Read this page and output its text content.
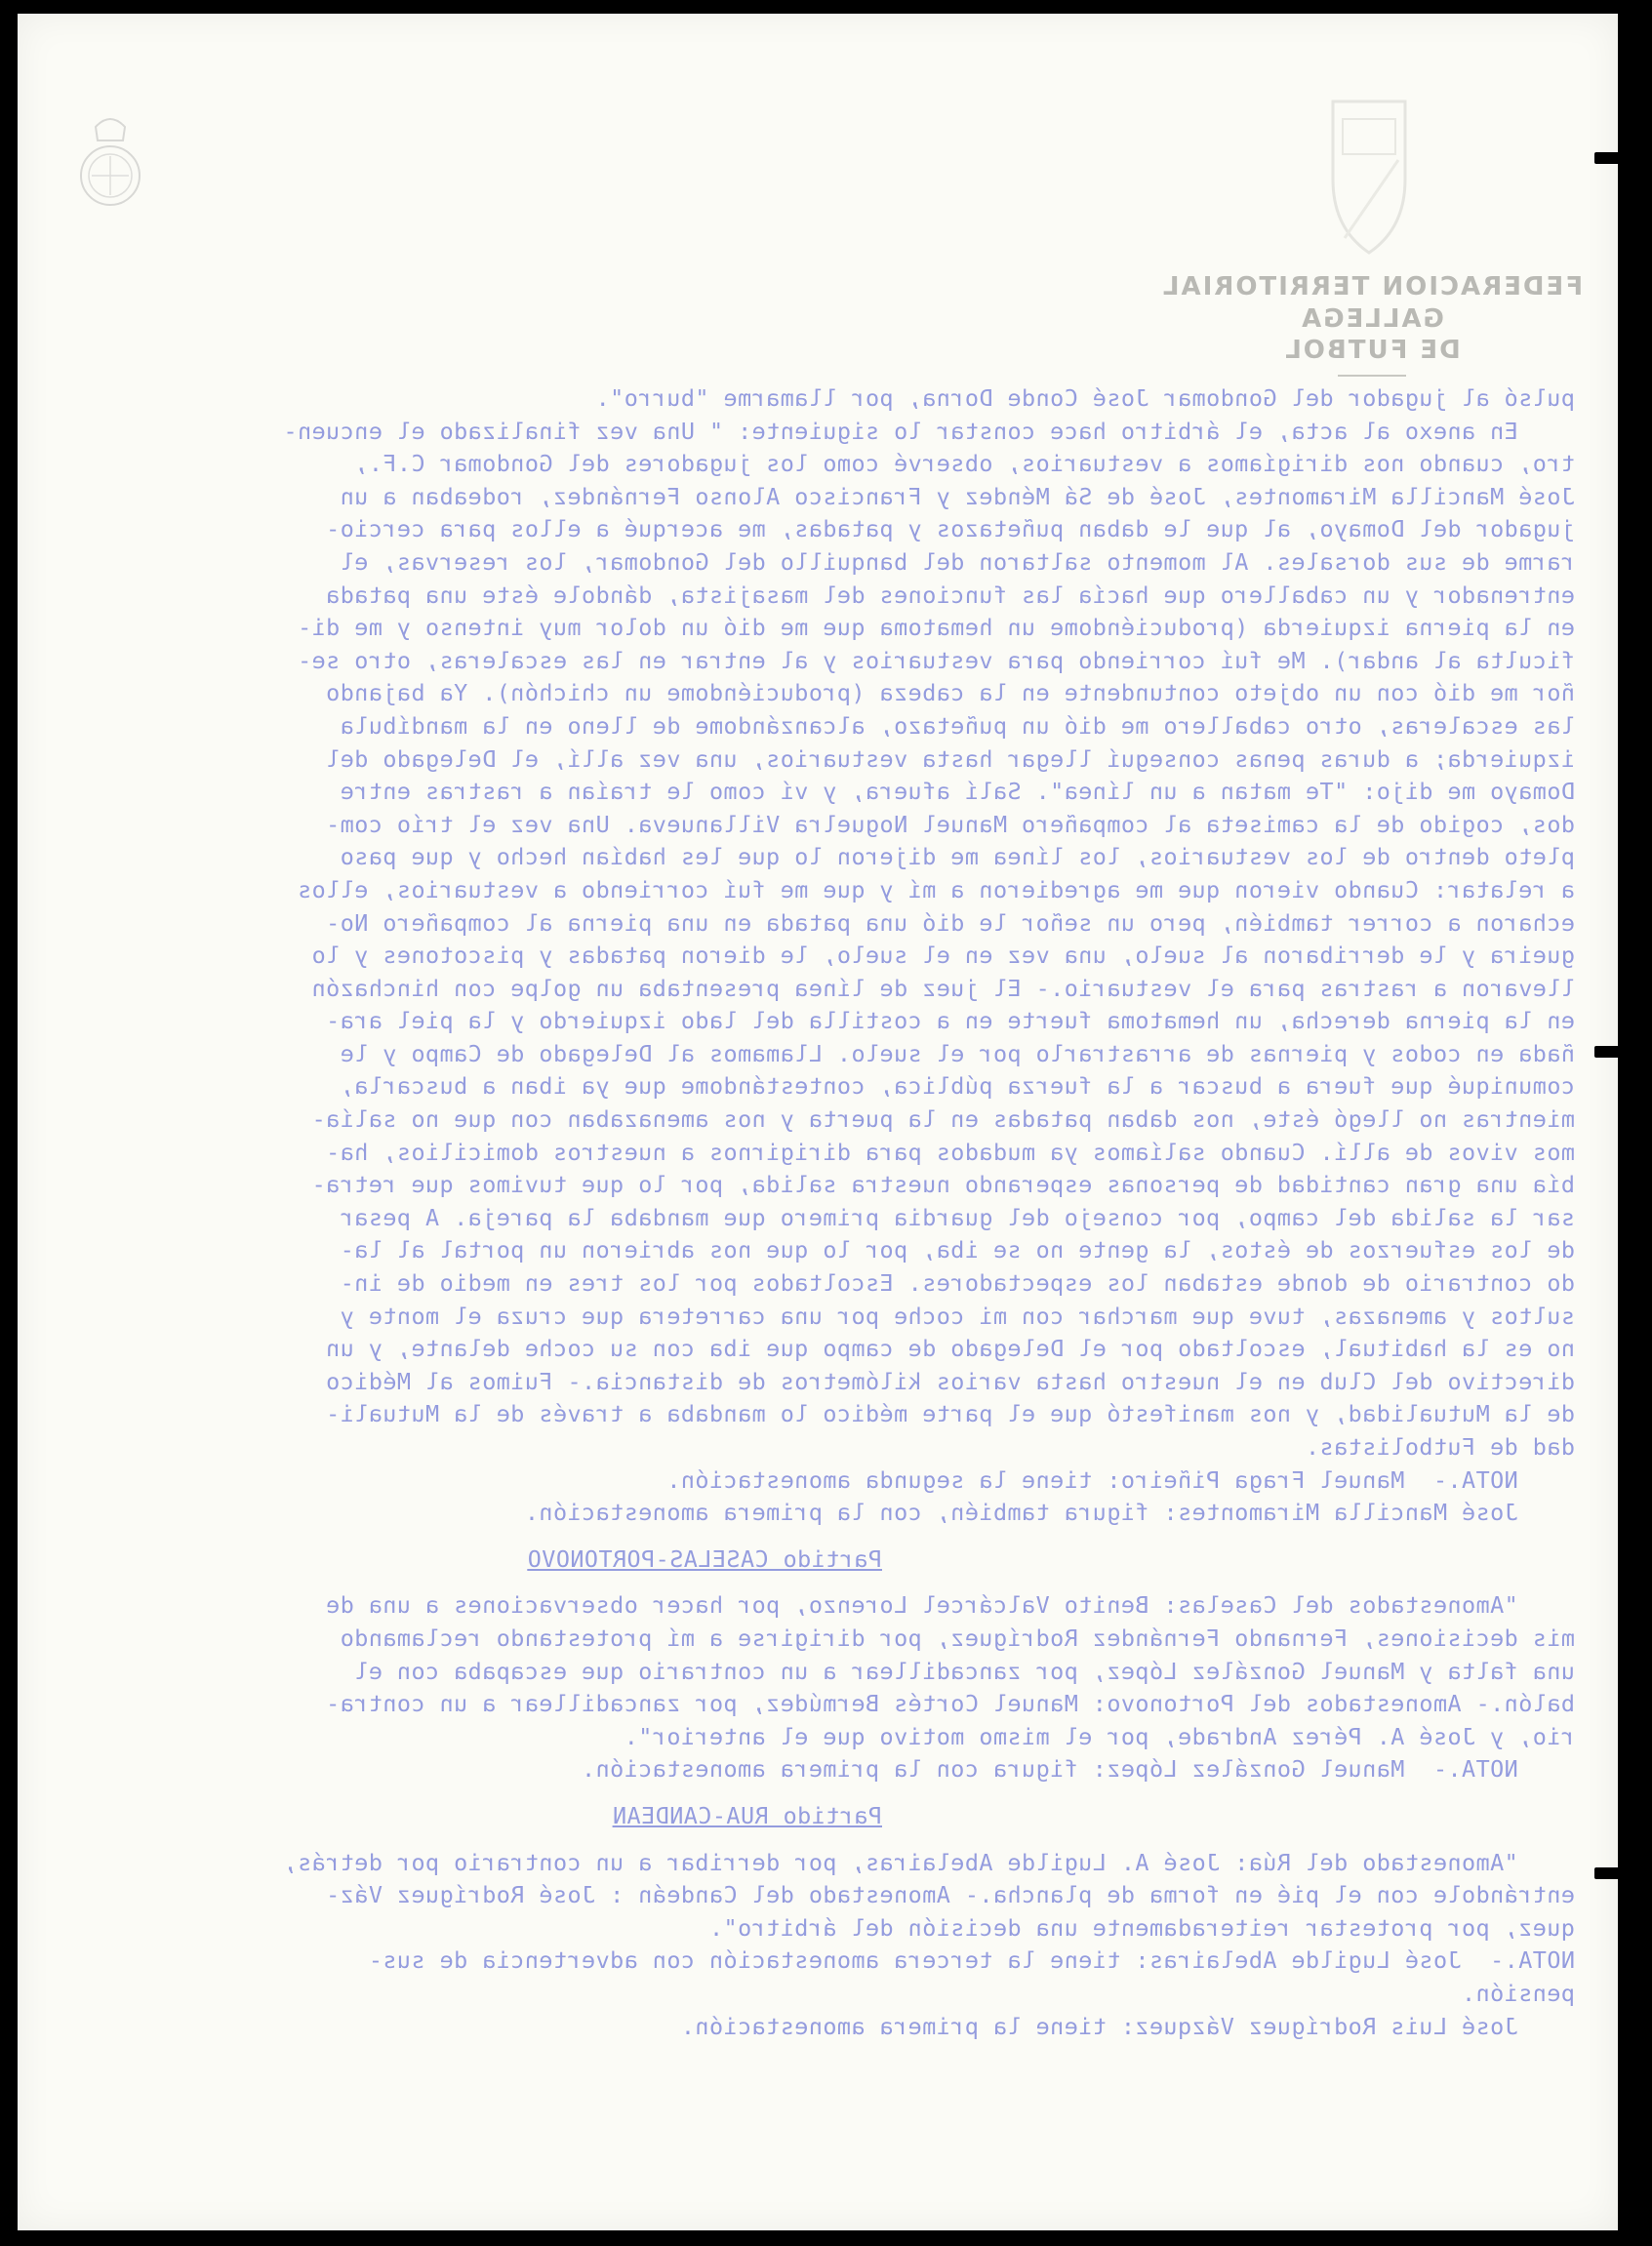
FEDERACION TERRITORIAL GALLEGA
DE FUTBOL
pulsó al jugador del Gondomar José Conde Dorna, por llamarme "burro".
En anexo al acta, el árbitro hace constar lo siguiente: " Una vez finalizado el encuen-
tro, cuando nos dirigíamos a vestuarios, observé como los jugadores del Gondomar C.F.,
José Mancilla Miramontes, José de Sá Méndez y Francisco Alonso Fernández, rodeaban a un
jugador del Domayo, al que le daban puñetazos y patadas, me acerqué a ellos para cercio-
rarme de sus dorsales. Al momento saltaron del banquillo del Gondomar, los reservas, el
entrenador y un caballero que hacía las funciones del masajista, dándole éste una patada
en la pierna izquierda (produciéndome un hematoma que me dió un dolor muy intenso y me di-
ficulta al andar). Me fuí corriendo para vestuarios y al entrar en las escaleras, otro se-
ñor me dió con un objeto contundente en la cabeza (produciéndome un chichón). Ya bajando
las escaleras, otro caballero me dió un puñetazo, alcanzándome de lleno en la mandíbula
izquierda; a duras penas conseguí llegar hasta vestuarios, una vez allí, el Delegado del
Domayo me dijo: "Te matan a un línea". Salí afuera, y ví como le traían a rastras entre
dos, cogido de la camiseta al compañero Manuel Noguelra Villanueva. Una vez el trío com-
pleto dentro de los vestuarios, los línea me dijeron lo que les habían hecho y que paso
a relatar: Cuando vieron que me agredieron a mí y que me fuí corriendo a vestuarios, ellos
echaron a correr también, pero un señor le dió una patada en una pierna al compañero No-
gueira y le derribaron al suelo, una vez en el suelo, le dieron patadas y piscotones y lo
llevaron a rastras para el vestuario.- El juez de línea presentaba un golpe con hinchazón
en la pierna derecha, un hematoma fuerte en a costilla del lado izquierdo y la piel ara-
ñada en codos y piernas de arrastrarlo por el suelo. Llamamos al Delegado de Campo y le
comuniqué que fuera a buscar a la fuerza pública, contestándome que ya iban a buscarla,
mientras no llegó éste, nos daban patadas en la puerta y nos amenazaban con que no salía-
mos vivos de allí. Cuando salíamos ya mudados para dirigirnos a nuestros domicilios, ha-
bía una gran cantidad de personas esperando nuestra salida, por lo que tuvimos que retra-
sar la salida del campo, por consejo del guardia primero que mandaba la pareja. A pesar
de los esfuerzos de éstos, la gente no se iba, por lo que nos abrieron un portal al la-
do contrario de donde estaban los espectadores. Escoltados por los tres en medio de in-
sultos y amenazas, tuve que marchar con mi coche por una carretera que cruza el monte y
no es la habitual, escoltado por el Delegado de campo que iba con su coche delante, y un
directivo del Club en el nuestro hasta varios kilómetros de distancia.- Fuimos al Médico
de la Mutualidad, y nos manifestó que el parte médico lo mandaba a través de la Mutuali-
dad de Futbolistas.
NOTA.-  Manuel Fraga Piñeiro: tiene la segunda amonestación.
José Mancilla Miramontes: figura también, con la primera amonestación.
Partido CASELAS-PORTONOVO
"Amonestados del Caselas: Benito Valcárcel Lorenzo, por hacer observaciones a una de
mis decisiones, Fernando Fernández Rodríguez, por dirigirse a mí protestando reclamando
una falta y Manuel González López, por zancadillear a un contrario que escapaba con el
balón.- Amonestados del Portonovo: Manuel Cortés Bermúdez, por zancadillear a un contra-
rio, y José A. Pérez Andrade, por el mismo motivo que el anterior".
NOTA.-  Manuel González López: figura con la primera amonestación.
Partido RUA-CANDEAN
"Amonestado del Rúa: José A. Lugilde Abelairas, por derribar a un contrario por detrás,
entrándole con el pié en forma de plancha.- Amonestado del Candeán : José Rodríguez Váz-
quez, por protestar reiteradamente una decisión del árbitro".
NOTA.-  José Lugilde Abelairas: tiene la tercera amonestación con advertencia de sus-
pensión.
José Luis Rodríguez Vázquez: tiene la primera amonestación.
